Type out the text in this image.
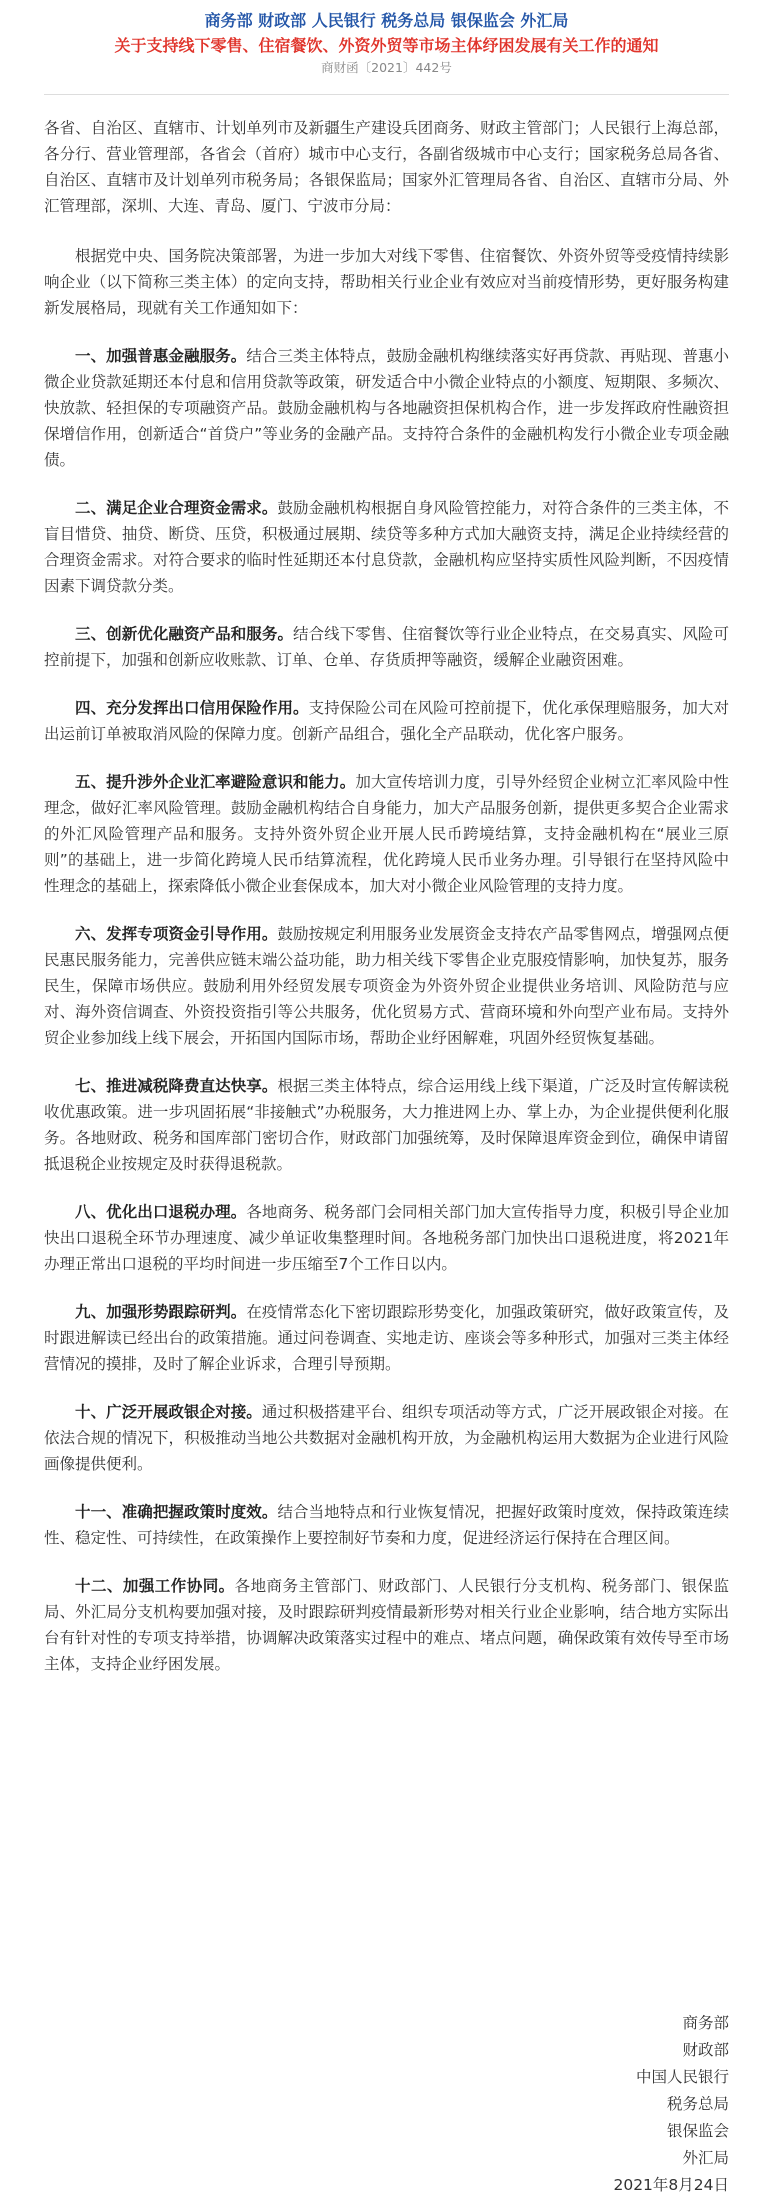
商务部 财政部 人民银行 税务总局 银保监会 外汇局

关于支持线下零售、住宿餐饮、外资外贸等市场主体纾困发展有关工作的通知

商财函〔2021〕442号

各省、自治区、直辖市、计划单列市及新疆生产建设兵团商务、财政主管部门；人民银行上海总部，各分行、营业管理部，各省会（首府）城市中心支行，各副省级城市中心支行；国家税务总局各省、自治区、直辖市及计划单列市税务局；各银保监局；国家外汇管理局各省、自治区、直辖市分局、外汇管理部，深圳、大连、青岛、厦门、宁波市分局：

根据党中央、国务院决策部署，为进一步加大对线下零售、住宿餐饮、外资外贸等受疫情持续影响企业（以下简称三类主体）的定向支持，帮助相关行业企业有效应对当前疫情形势，更好服务构建新发展格局，现就有关工作通知如下：

一、加强普惠金融服务。结合三类主体特点，鼓励金融机构继续落实好再贷款、再贴现、普惠小微企业贷款延期还本付息和信用贷款等政策，研发适合中小微企业特点的小额度、短期限、多频次、快放款、轻担保的专项融资产品。鼓励金融机构与各地融资担保机构合作，进一步发挥政府性融资担保增信作用，创新适合“首贷户”等业务的金融产品。支持符合条件的金融机构发行小微企业专项金融债。

二、满足企业合理资金需求。鼓励金融机构根据自身风险管控能力，对符合条件的三类主体，不盲目惜贷、抽贷、断贷、压贷，积极通过展期、续贷等多种方式加大融资支持，满足企业持续经营的合理资金需求。对符合要求的临时性延期还本付息贷款，金融机构应坚持实质性风险判断，不因疫情因素下调贷款分类。

三、创新优化融资产品和服务。结合线下零售、住宿餐饮等行业企业特点，在交易真实、风险可控前提下，加强和创新应收账款、订单、仓单、存货质押等融资，缓解企业融资困难。

四、充分发挥出口信用保险作用。支持保险公司在风险可控前提下，优化承保理赔服务，加大对出运前订单被取消风险的保障力度。创新产品组合，强化全产品联动，优化客户服务。

五、提升涉外企业汇率避险意识和能力。加大宣传培训力度，引导外经贸企业树立汇率风险中性理念，做好汇率风险管理。鼓励金融机构结合自身能力，加大产品服务创新，提供更多契合企业需求的外汇风险管理产品和服务。支持外资外贸企业开展人民币跨境结算，支持金融机构在“展业三原则”的基础上，进一步简化跨境人民币结算流程，优化跨境人民币业务办理。引导银行在坚持风险中性理念的基础上，探索降低小微企业套保成本，加大对小微企业风险管理的支持力度。

六、发挥专项资金引导作用。鼓励按规定利用服务业发展资金支持农产品零售网点，增强网点便民惠民服务能力，完善供应链末端公益功能，助力相关线下零售企业克服疫情影响，加快复苏，服务民生，保障市场供应。鼓励利用外经贸发展专项资金为外资外贸企业提供业务培训、风险防范与应对、海外资信调查、外资投资指引等公共服务，优化贸易方式、营商环境和外向型产业布局。支持外贸企业参加线上线下展会，开拓国内国际市场，帮助企业纾困解难，巩固外经贸恢复基础。

七、推进减税降费直达快享。根据三类主体特点，综合运用线上线下渠道，广泛及时宣传解读税收优惠政策。进一步巩固拓展“非接触式”办税服务，大力推进网上办、掌上办，为企业提供便利化服务。各地财政、税务和国库部门密切合作，财政部门加强统筹，及时保障退库资金到位，确保申请留抵退税企业按规定及时获得退税款。

八、优化出口退税办理。各地商务、税务部门会同相关部门加大宣传指导力度，积极引导企业加快出口退税全环节办理速度、减少单证收集整理时间。各地税务部门加快出口退税进度，将2021年办理正常出口退税的平均时间进一步压缩至7个工作日以内。

九、加强形势跟踪研判。在疫情常态化下密切跟踪形势变化，加强政策研究，做好政策宣传，及时跟进解读已经出台的政策措施。通过问卷调查、实地走访、座谈会等多种形式，加强对三类主体经营情况的摸排，及时了解企业诉求，合理引导预期。

十、广泛开展政银企对接。通过积极搭建平台、组织专项活动等方式，广泛开展政银企对接。在依法合规的情况下，积极推动当地公共数据对金融机构开放，为金融机构运用大数据为企业进行风险画像提供便利。

十一、准确把握政策时度效。结合当地特点和行业恢复情况，把握好政策时度效，保持政策连续性、稳定性、可持续性，在政策操作上要控制好节奏和力度，促进经济运行保持在合理区间。

十二、加强工作协同。各地商务主管部门、财政部门、人民银行分支机构、税务部门、银保监局、外汇局分支机构要加强对接，及时跟踪研判疫情最新形势对相关行业企业影响，结合地方实际出台有针对性的专项支持举措，协调解决政策落实过程中的难点、堵点问题，确保政策有效传导至市场主体，支持企业纾困发展。

商务部
财政部
中国人民银行
税务总局
银保监会
外汇局
2021年8月24日
